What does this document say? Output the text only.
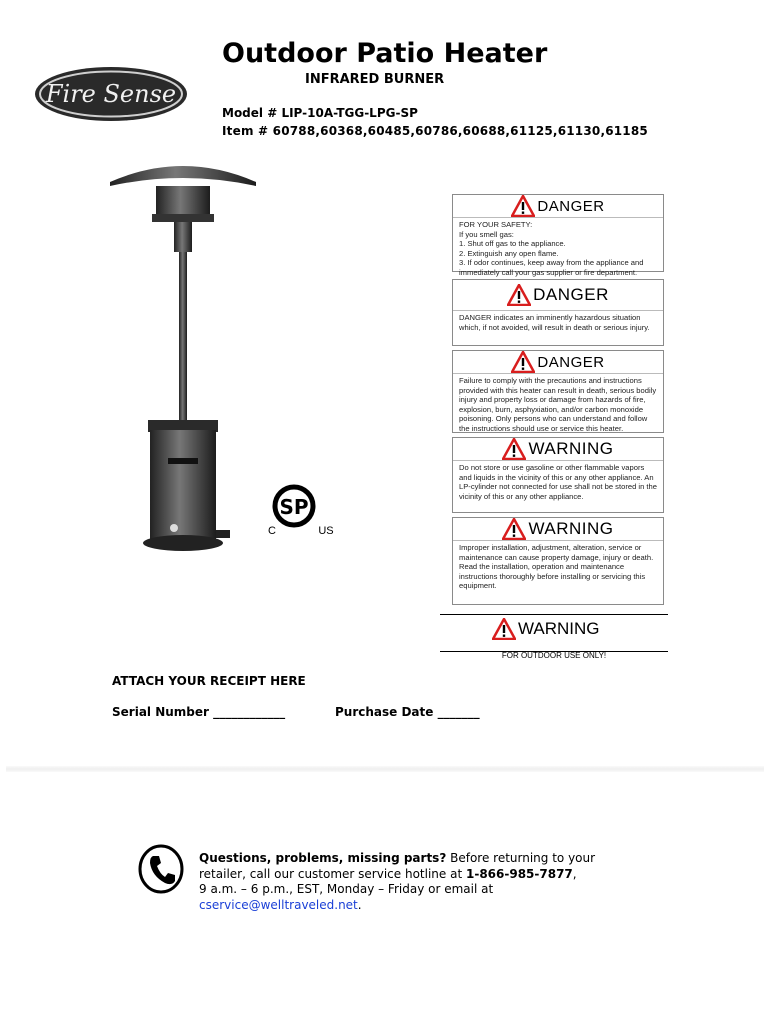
Fire Sense
Outdoor Patio Heater
INFRARED BURNER
Model # LIP-10A-TGG-LPG-SP
Item # 60788,60368,60485,60786,60688,61125,61130,61185
SP
C	US
DANGER
FOR YOUR SAFETY:
If you smell gas:
1. Shut off gas to the appliance.
2. Extinguish any open flame.
3. If odor continues, keep away from the appliance and immediately call your gas supplier or fire department.
DANGER
DANGER indicates an imminently hazardous situation which, if not avoided, will result in death or serious injury.
DANGER
Failure to comply with the precautions and instructions provided with this heater can result in death, serious bodily injury and property loss or damage from hazards of fire, explosion, burn, asphyxiation, and/or carbon monoxide poisoning. Only persons who can understand and follow the instructions should use or service this heater.
WARNING
Do not store or use gasoline or other flammable vapors and liquids in the vicinity of this or any other appliance. An LP-cylinder not connected for use shall not be stored in the vicinity of this or any other appliance.
WARNING
Improper installation, adjustment, alteration, service or maintenance can cause property damage, injury or death. Read the installation, operation and maintenance instructions thoroughly before installing or servicing this equipment.
WARNING
FOR OUTDOOR USE ONLY!
ATTACH YOUR RECEIPT HERE
Serial Number ____________	Purchase Date _______
Questions, problems, missing parts? Before returning to your retailer, call our customer service hotline at 1-866-985-7877,
9 a.m. – 6 p.m., EST, Monday – Friday or email at
cservice@welltraveled.net.
